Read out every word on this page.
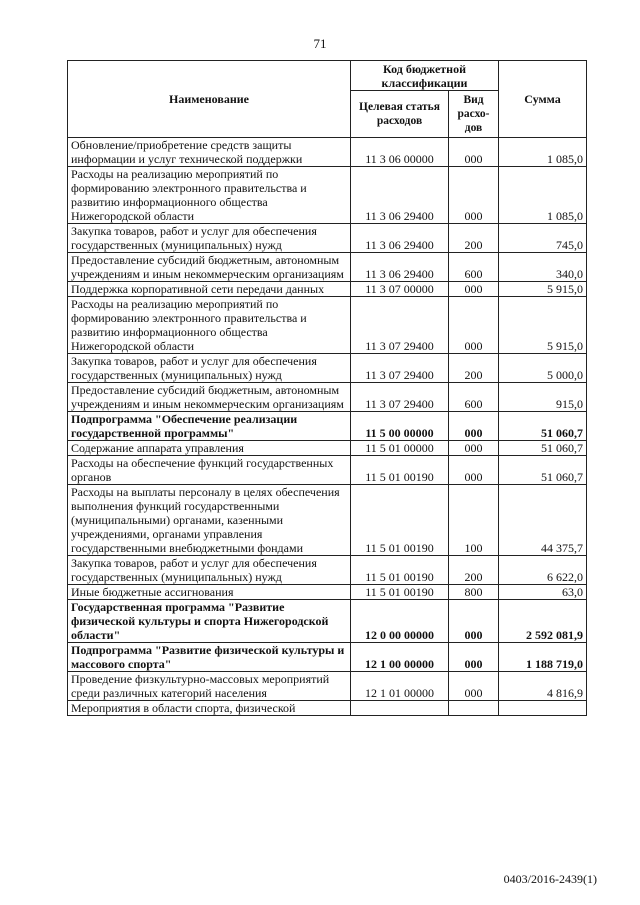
71
Наименование	Код бюджетной классификации		Сумма
	Целевая статья расходов	Вид расхо-дов	
Обновление/приобретение средств защиты информации и услуг технической поддержки	11 3 06 00000	000	1 085,0
Расходы на реализацию мероприятий по формированию электронного правительства и развитию информационного общества Нижегородской области	11 3 06 29400	000	1 085,0
Закупка товаров, работ и услуг для обеспечения государственных (муниципальных) нужд	11 3 06 29400	200	745,0
Предоставление субсидий бюджетным, автономным учреждениям и иным некоммерческим организациям	11 3 06 29400	600	340,0
Поддержка корпоративной сети передачи данных	11 3 07 00000	000	5 915,0
Расходы на реализацию мероприятий по формированию электронного правительства и развитию информационного общества Нижегородской области	11 3 07 29400	000	5 915,0
Закупка товаров, работ и услуг для обеспечения государственных (муниципальных) нужд	11 3 07 29400	200	5 000,0
Предоставление субсидий бюджетным, автономным учреждениям и иным некоммерческим организациям	11 3 07 29400	600	915,0
Подпрограмма "Обеспечение реализации государственной программы"	11 5 00 00000	000	51 060,7
Содержание аппарата управления	11 5 01 00000	000	51 060,7
Расходы на обеспечение функций государственных органов	11 5 01 00190	000	51 060,7
Расходы на выплаты персоналу в целях обеспечения выполнения функций государственными (муниципальными) органами, казенными учреждениями, органами управления государственными внебюджетными фондами	11 5 01 00190	100	44 375,7
Закупка товаров, работ и услуг для обеспечения государственных (муниципальных) нужд	11 5 01 00190	200	6 622,0
Иные бюджетные ассигнования	11 5 01 00190	800	63,0
Государственная программа "Развитие физической культуры и спорта Нижегородской области"	12 0 00 00000	000	2 592 081,9
Подпрограмма "Развитие физической культуры и массового спорта"	12 1 00 00000	000	1 188 719,0
Проведение физкультурно-массовых мероприятий среди различных категорий населения	12 1 01 00000	000	4 816,9
Мероприятия в области спорта, физической			
0403/2016-2439(1)
